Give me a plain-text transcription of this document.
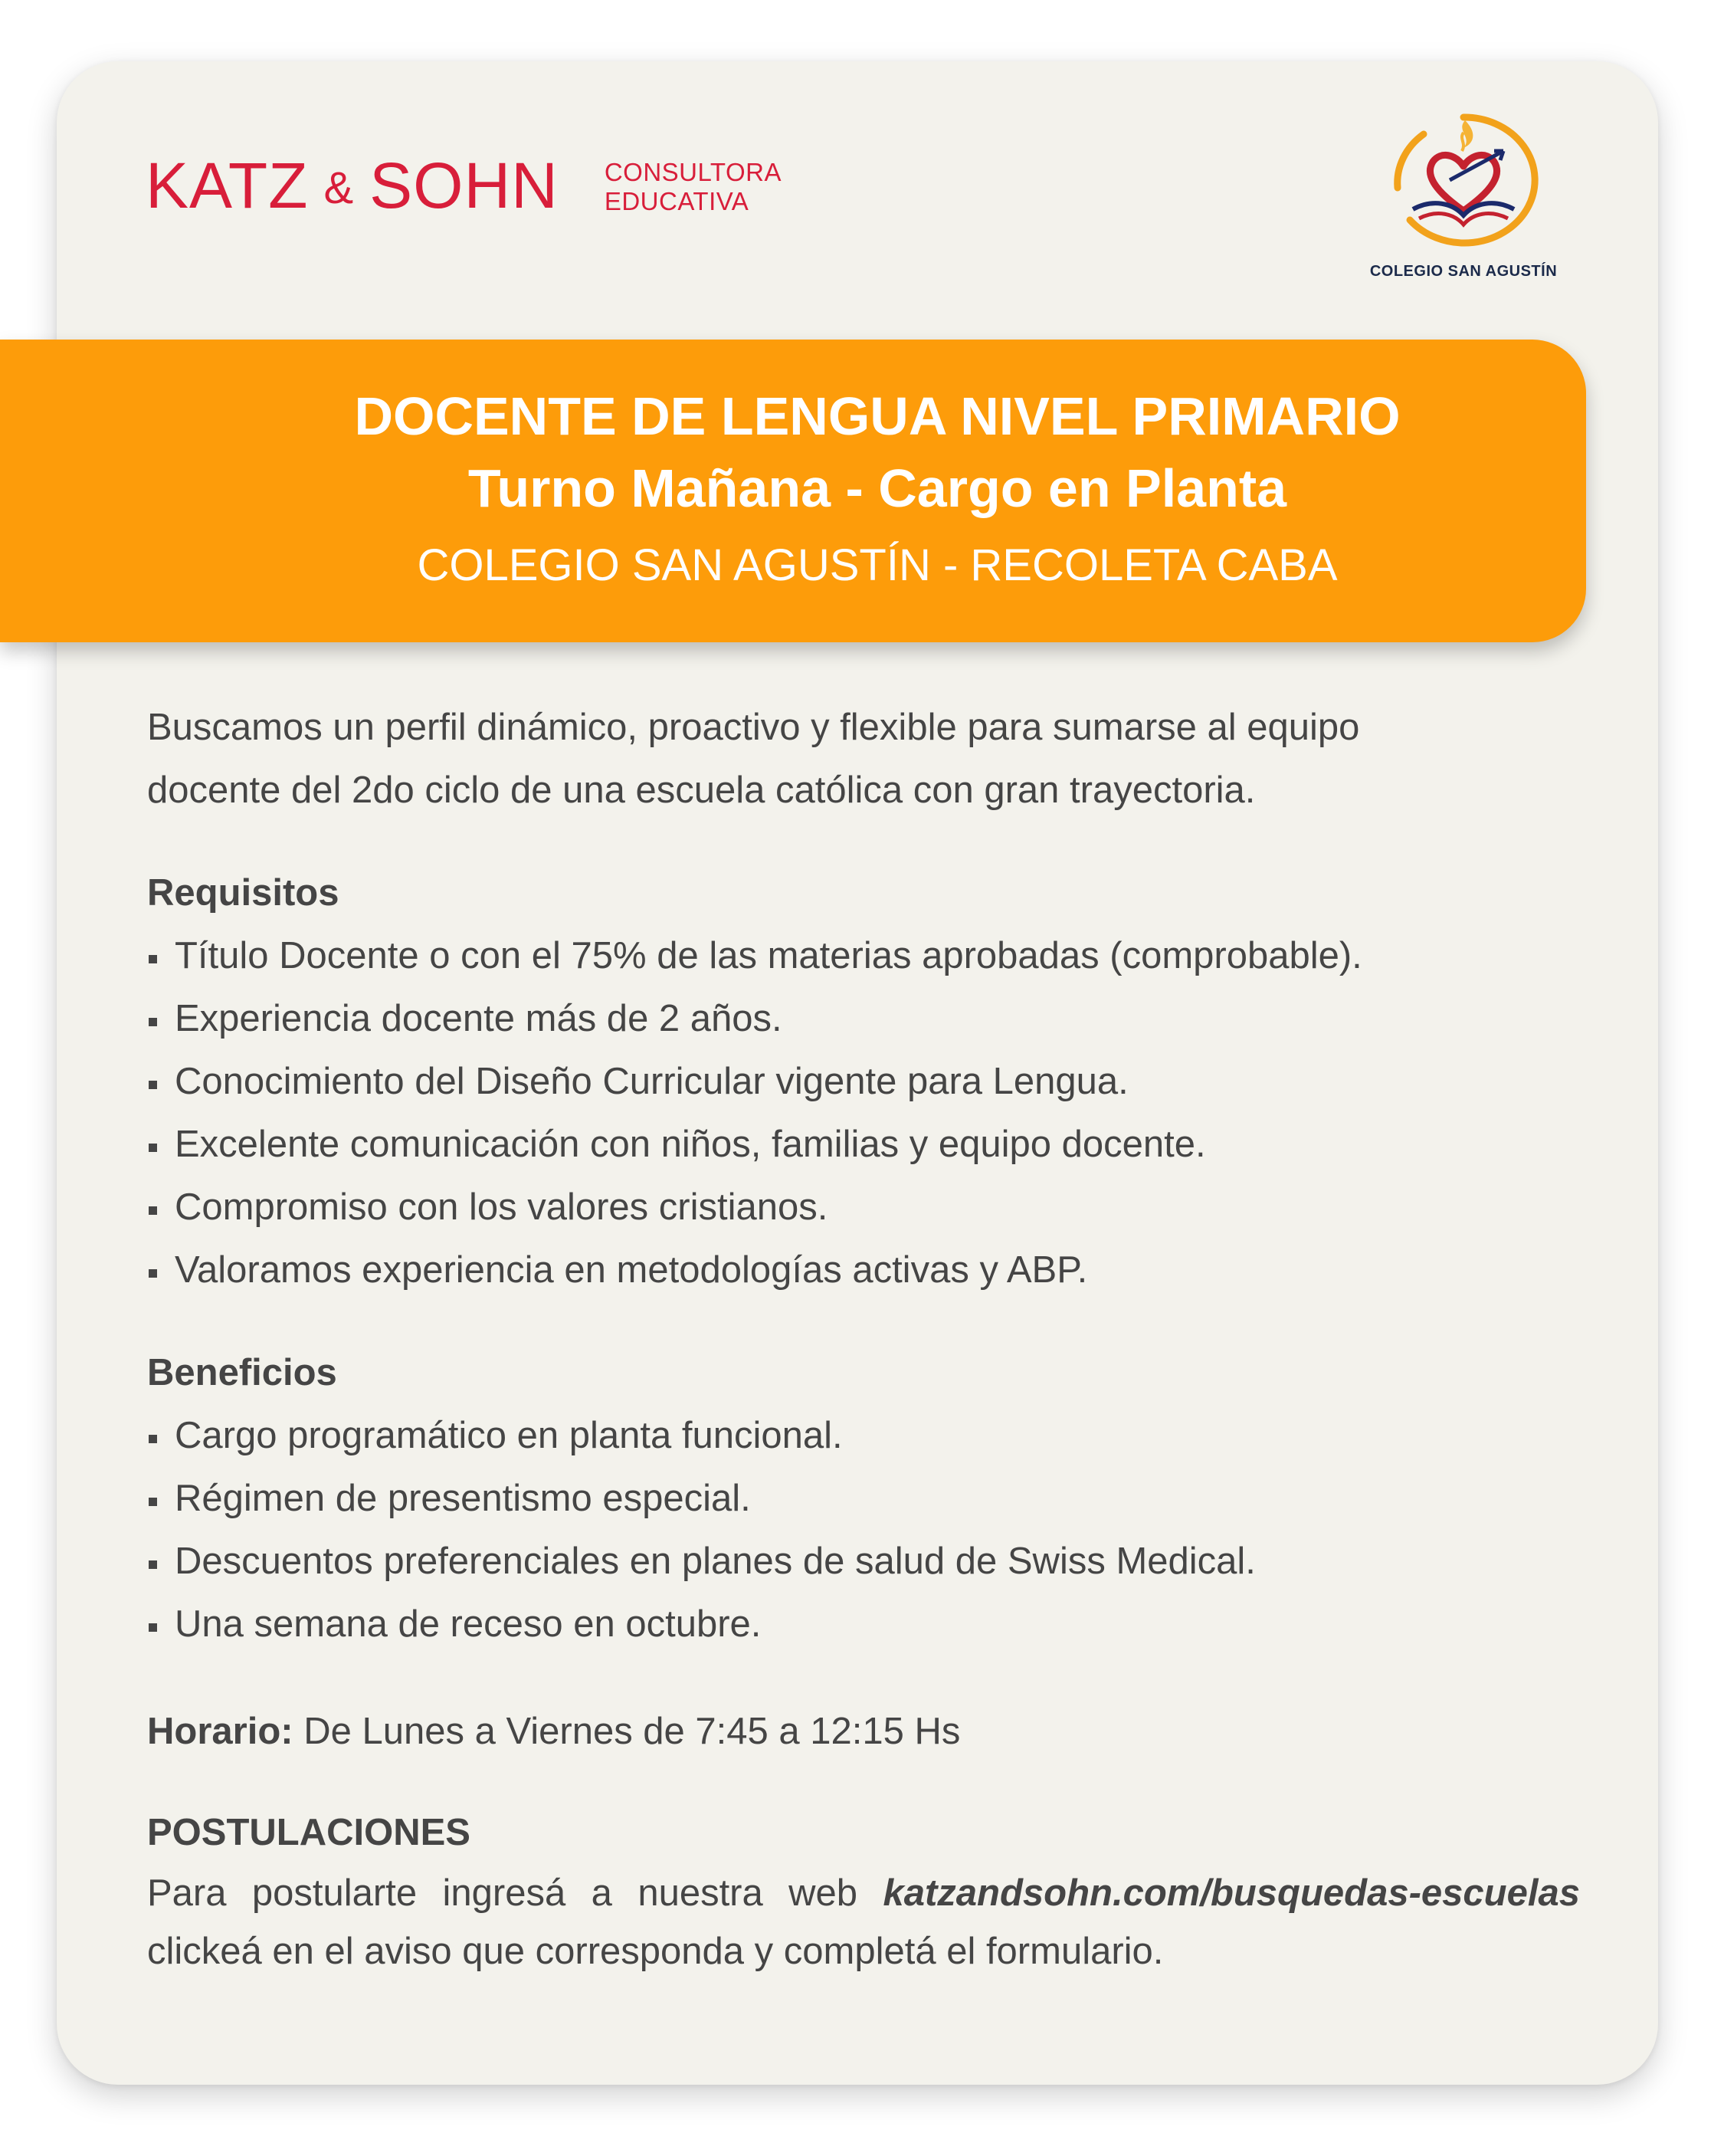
KATZ & SOHN CONSULTORA
EDUCATIVA
COLEGIO SAN AGUSTÍN
DOCENTE DE LENGUA NIVEL PRIMARIO
Turno Mañana - Cargo en Planta
COLEGIO SAN AGUSTÍN - RECOLETA CABA

Buscamos un perfil dinámico, proactivo y flexible para sumarse al equipo

docente del 2do ciclo de una escuela católica con gran trayectoria.

Requisitos

Título Docente o con el 75% de las materias aprobadas (comprobable).
Experiencia docente más de 2 años.
Conocimiento del Diseño Curricular vigente para Lengua.
Excelente comunicación con niños, familias y equipo docente.
Compromiso con los valores cristianos.
Valoramos experiencia en metodologías activas y ABP.

Beneficios

Cargo programático en planta funcional.
Régimen de presentismo especial.
Descuentos preferenciales en planes de salud de Swiss Medical.
Una semana de receso en octubre.
Horario: De Lunes a Viernes de 7:45 a 12:15 Hs

POSTULACIONES

Para postularte ingresá a nuestra web katzandsohn.com/busquedas-escuelas clickeá en el aviso que corresponda y completá el formulario.
